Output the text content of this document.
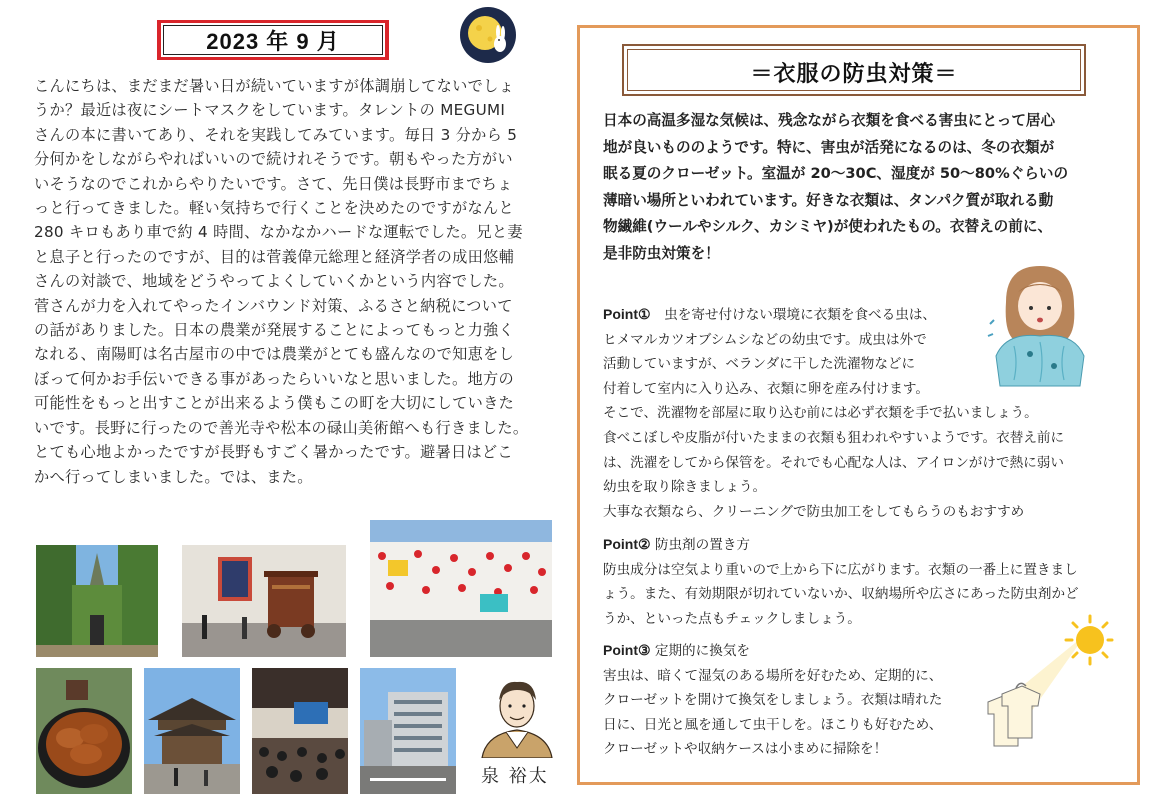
2023 年 9 月

こんにちは、まだまだ暑い日が続いていますが体調崩してないでしょ

うか？最近は夜にシートマスクをしています。タレントの MEGUMI

さんの本に書いてあり、それを実践してみています。毎日 3 分から 5

分何かをしながらやればいいので続けれそうです。朝もやった方がい

いそうなのでこれからやりたいです。さて、先日僕は長野市までちょ

っと行ってきました。軽い気持ちで行くことを決めたのですがなんと

280 キロもあり車で約 4 時間、なかなかハードな運転でした。兄と妻

と息子と行ったのですが、目的は菅義偉元総理と経済学者の成田悠輔

さんの対談で、地域をどうやってよくしていくかという内容でした。

菅さんが力を入れてやったインバウンド対策、ふるさと納税について

の話がありました。日本の農業が発展することによってもっと力強く

なれる、南陽町は名古屋市の中では農業がとても盛んなので知恵をし

ぼって何かお手伝いできる事があったらいいなと思いました。地方の

可能性をもっと出すことが出来るよう僕もこの町を大切にしていきた

いです。長野に行ったので善光寺や松本の碌山美術館へも行きました。

とても心地よかったですが長野もすごく暑かったです。避暑日はどこ

かへ行ってしまいました。では、また。

泉 裕太
＝衣服の防虫対策＝

日本の高温多湿な気候は、残念ながら衣類を食べる害虫にとって居心

地が良いもののようです。特に、害虫が活発になるのは、冬の衣類が

眠る夏のクローゼット。室温が 20～30C、湿度が 50～80%ぐらいの

薄暗い場所といわれています。好きな衣類は、タンパク質が取れる動

物繊維(ウールやシルク、カシミヤ)が使われたもの。衣替えの前に、

是非防虫対策を！

Point①　虫を寄せ付けない環境に衣類を食べる虫は、

ヒメマルカツオブシムシなどの幼虫です。成虫は外で

活動していますが、ベランダに干した洗濯物などに

付着して室内に入り込み、衣類に卵を産み付けます。

そこで、洗濯物を部屋に取り込む前には必ず衣類を手で払いましょう。

食べこぼしや皮脂が付いたままの衣類も狙われやすいようです。衣替え前に

は、洗濯をしてから保管を。それでも心配な人は、アイロンがけで熱に弱い

幼虫を取り除きましょう。

大事な衣類なら、クリーニングで防虫加工をしてもらうのもおすすめ

Point② 防虫剤の置き方

防虫成分は空気より重いので上から下に広がります。衣類の一番上に置きまし

ょう。また、有効期限が切れていないか、収納場所や広さにあった防虫剤かど

うか、といった点もチェックしましょう。

Point③ 定期的に換気を

害虫は、暗くて湿気のある場所を好むため、定期的に、

クローゼットを開けて換気をしましょう。衣類は晴れた

日に、日光と風を通して虫干しを。ほこりも好むため、

クローゼットや収納ケースは小まめに掃除を！
